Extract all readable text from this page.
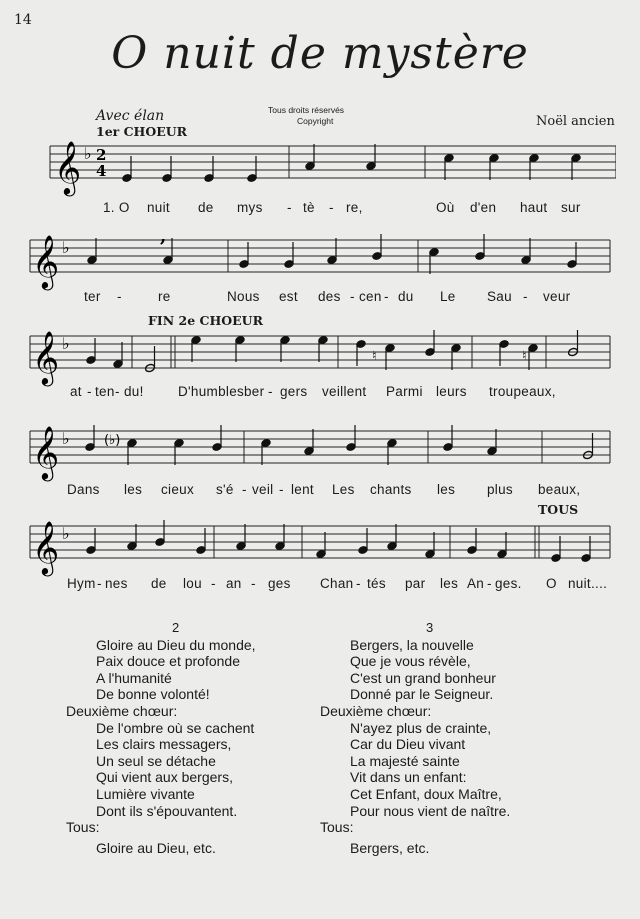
14
O nuit de mystère
Avec élan	Tous droits réservés
Copyright	Noël ancien
1er CHOEUR
FIN 2e CHOEUR
TOUS
𝄞 ♭ 2
4
1. O nuit de mys - tè - re,	Où d'en haut sur
𝄞 ♭
,
ter -	re	Nous est des - cen - du Le Sau - veur
𝄞 ♭
♮	♮
at - ten - du!	D'humbles ber - gers veillent Parmi leurs troupeaux,
𝄞 ♭	(♭)
Dans les cieux s'é - veil - lent Les chants les plus beaux,
𝄞 ♭
Hym - nes de lou - an - ges Chan - tés par les An - ges. O nuit....
2
Gloire au Dieu du monde,
Paix douce et profonde
A l'humanité
De bonne volonté!
Deuxième chœur:
De l'ombre où se cachent
Les clairs messagers,
Un seul se détache
Qui vient aux bergers,
Lumière vivante
Dont ils s'épouvantent.
Tous:
Gloire au Dieu, etc.
3
Bergers, la nouvelle
Que je vous révèle,
C'est un grand bonheur
Donné par le Seigneur.
Deuxième chœur:
N'ayez plus de crainte,
Car du Dieu vivant
La majesté sainte
Vit dans un enfant:
Cet Enfant, doux Maître,
Pour nous vient de naître.
Tous:
Bergers, etc.
